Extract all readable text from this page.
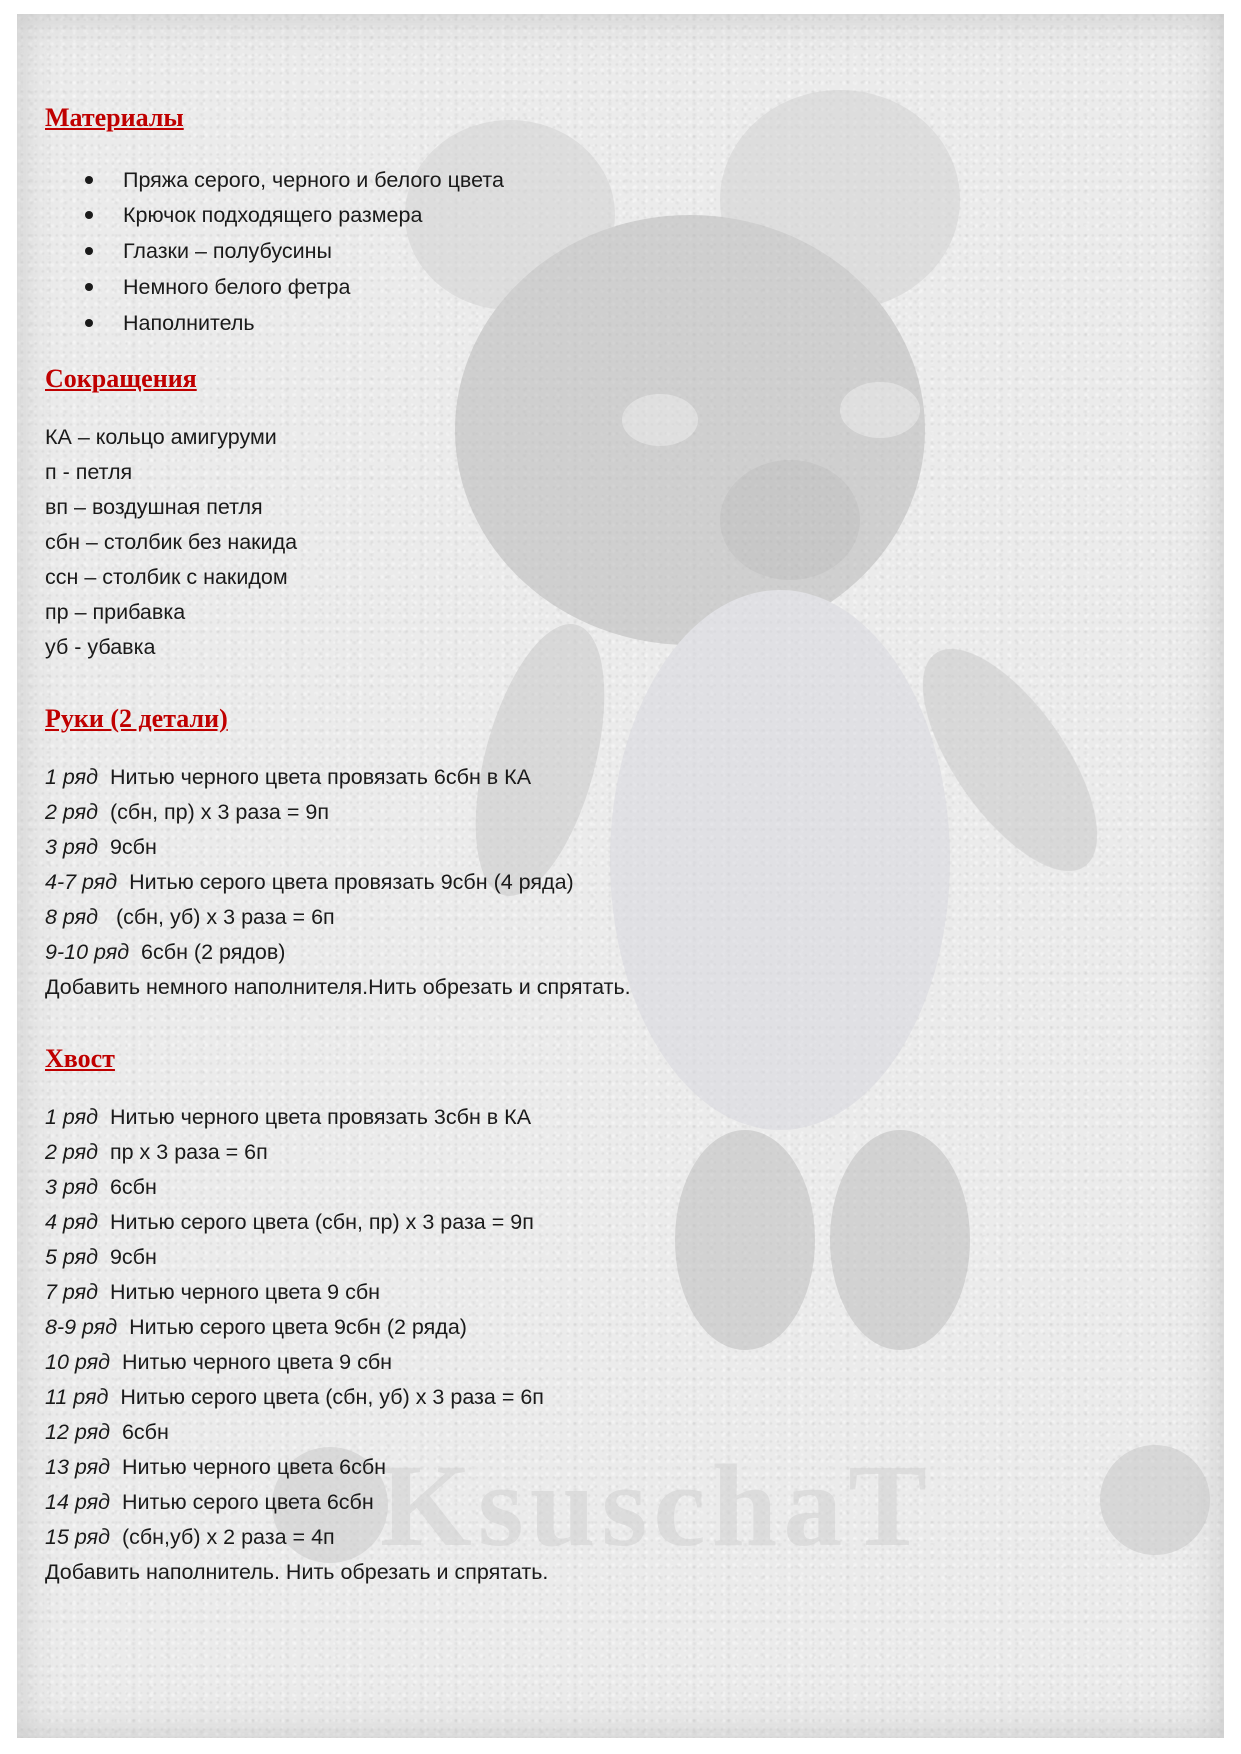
KsuschaT
Материалы
Пряжа серого, черного и белого цвета
Крючок подходящего размера
Глазки – полубусины
Немного белого фетра
Наполнитель
Сокращения
КА – кольцо амигуруми
п - петля
вп – воздушная петля
сбн – столбик без накида
ссн – столбик с накидом
пр – прибавка
уб - убавка
Руки (2 детали)
1 ряд Нитью черного цвета провязать 6сбн в КА
2 ряд (сбн, пр) х 3 раза = 9п
3 ряд 9сбн
4-7 ряд Нитью серого цвета провязать 9сбн (4 ряда)
8 ряд   (сбн, уб) х 3 раза = 6п
9-10 ряд 6сбн (2 рядов)
Добавить немного наполнителя.Нить обрезать и спрятать.
Хвост
1 ряд Нитью черного цвета провязать 3сбн в КА
2 ряд пр х 3 раза = 6п
3 ряд 6сбн
4 ряд Нитью серого цвета (сбн, пр) х 3 раза = 9п
5 ряд 9сбн
7 ряд Нитью черного цвета 9 сбн
8-9 ряд Нитью серого цвета 9сбн (2 ряда)
10 ряд Нитью черного цвета 9 сбн
11 ряд Нитью серого цвета (сбн, уб) х 3 раза = 6п
12 ряд 6сбн
13 ряд Нитью черного цвета 6сбн
14 ряд Нитью серого цвета 6сбн
15 ряд (сбн,уб) х 2 раза = 4п
Добавить наполнитель. Нить обрезать и спрятать.
